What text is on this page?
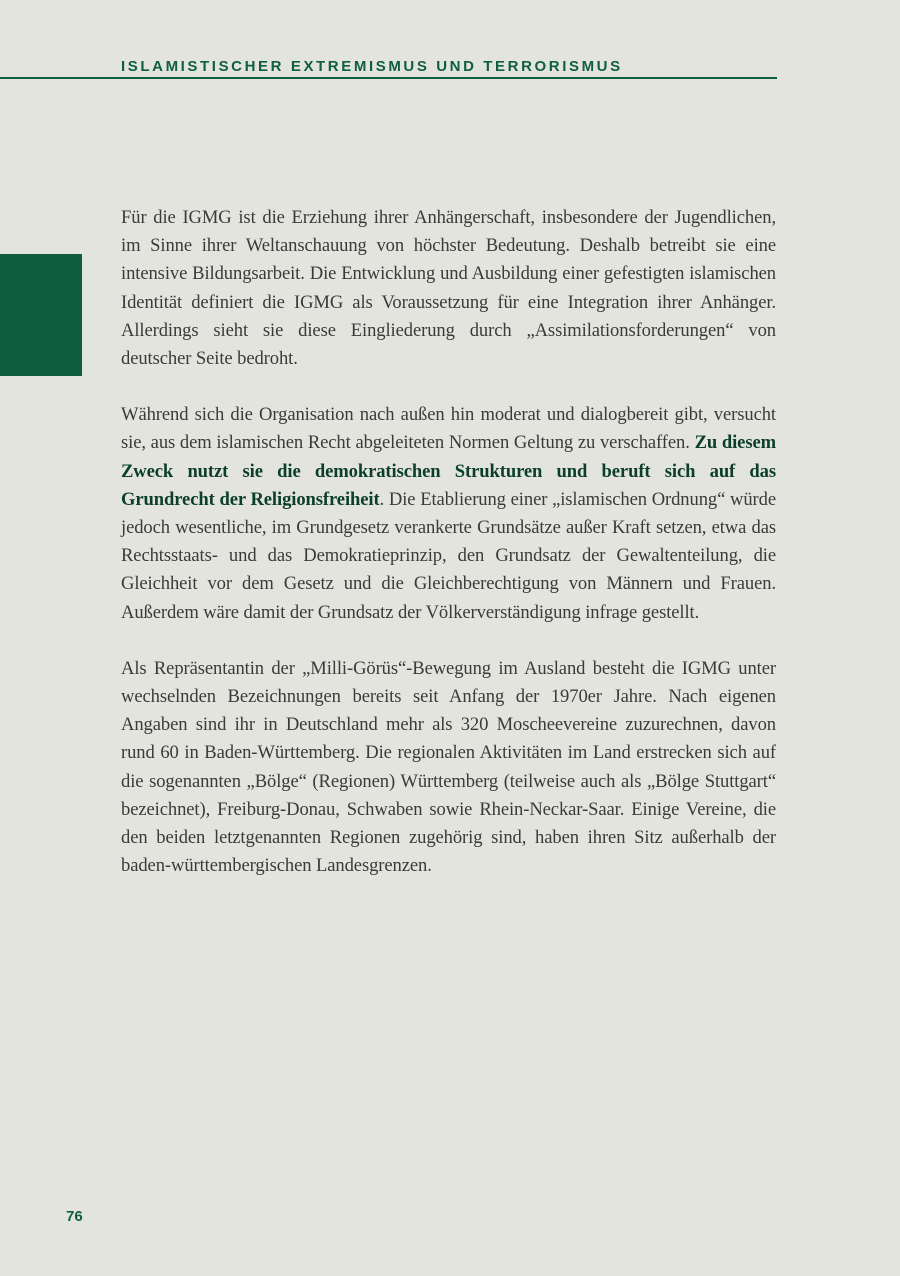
ISLAMISTISCHER EXTREMISMUS UND TERRORISMUS

Für die IGMG ist die Erziehung ihrer Anhängerschaft, insbesondere der Jugendlichen, im Sinne ihrer Weltanschauung von höchster Bedeutung. Deshalb betreibt sie eine intensive Bildungsarbeit. Die Entwicklung und Ausbildung einer gefestigten islamischen Identität definiert die IGMG als Voraussetzung für eine Integration ihrer Anhänger. Allerdings sieht sie diese Eingliederung durch „Assimilationsforderungen“ von deutscher Seite bedroht.

Während sich die Organisation nach außen hin moderat und dialogbereit gibt, versucht sie, aus dem islamischen Recht abgeleiteten Normen Geltung zu verschaffen. Zu diesem Zweck nutzt sie die demokratischen Strukturen und beruft sich auf das Grundrecht der Religionsfreiheit. Die Etablierung einer „islamischen Ordnung“ würde jedoch wesentliche, im Grundgesetz verankerte Grundsätze außer Kraft setzen, etwa das Rechtsstaats- und das Demokratieprinzip, den Grundsatz der Gewaltenteilung, die Gleichheit vor dem Gesetz und die Gleichberechtigung von Männern und Frauen. Außerdem wäre damit der Grundsatz der Völkerverständigung infrage gestellt.

Als Repräsentantin der „Milli-Görüs“-Bewegung im Ausland besteht die IGMG unter wechselnden Bezeichnungen bereits seit Anfang der 1970er Jahre. Nach eigenen Angaben sind ihr in Deutschland mehr als 320 Moscheevereine zuzurechnen, davon rund 60 in Baden-Württemberg. Die regionalen Aktivitäten im Land erstrecken sich auf die sogenannten „Bölge“ (Regionen) Württemberg (teilweise auch als „Bölge Stuttgart“ bezeichnet), Freiburg-Donau, Schwaben sowie Rhein-Neckar-Saar. Einige Vereine, die den beiden letztgenannten Regionen zugehörig sind, haben ihren Sitz außerhalb der baden-württembergischen Landesgrenzen.

76
